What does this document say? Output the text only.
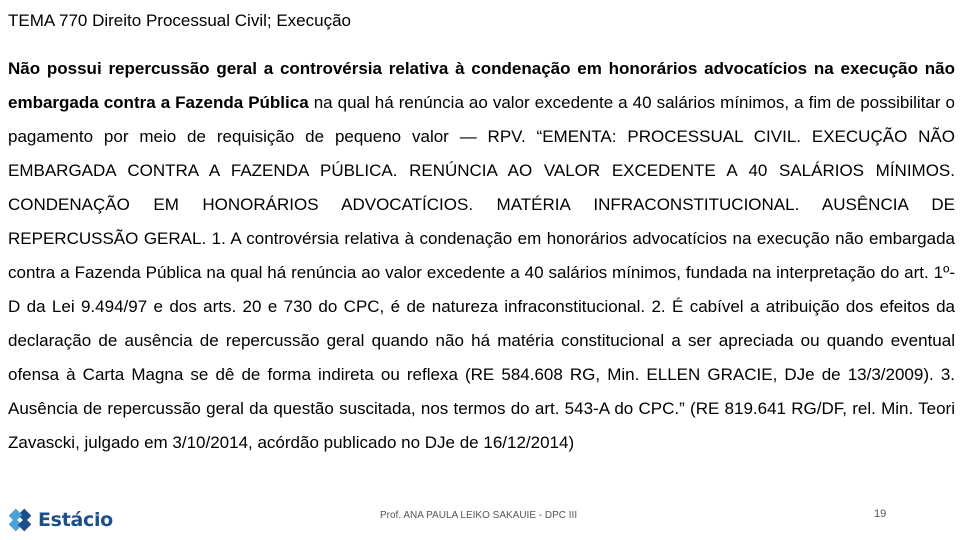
TEMA 770 Direito Processual Civil; Execução

Não possui repercussão geral a controvérsia relativa à condenação em honorários advocatícios na execução não embargada contra a Fazenda Pública na qual há renúncia ao valor excedente a 40 salários mínimos, a fim de possibilitar o pagamento por meio de requisição de pequeno valor — RPV. “EMENTA: PROCESSUAL CIVIL. EXECUÇÃO NÃO EMBARGADA CONTRA A FAZENDA PÚBLICA. RENÚNCIA AO VALOR EXCEDENTE A 40 SALÁRIOS MÍNIMOS. CONDENAÇÃO EM HONORÁRIOS ADVOCATÍCIOS. MATÉRIA INFRACONSTITUCIONAL. AUSÊNCIA DE REPERCUSSÃO GERAL. 1. A controvérsia relativa à condenação em honorários advocatícios na execução não embargada contra a Fazenda Pública na qual há renúncia ao valor excedente a 40 salários mínimos, fundada na interpretação do art. 1º-D da Lei 9.494/97 e dos arts. 20 e 730 do CPC, é de natureza infraconstitucional. 2. É cabível a atribuição dos efeitos da declaração de ausência de repercussão geral quando não há matéria constitucional a ser apreciada ou quando eventual ofensa à Carta Magna se dê de forma indireta ou reflexa (RE 584.608 RG, Min. ELLEN GRACIE, DJe de 13/3/2009). 3. Ausência de repercussão geral da questão suscitada, nos termos do art. 543-A do CPC.” (RE 819.641 RG/DF, rel. Min. Teori Zavascki, julgado em 3/10/2014, acórdão publicado no DJe de 16/12/2014)

Estácio	Prof. ANA PAULA LEIKO SAKAUIE - DPC III	19
